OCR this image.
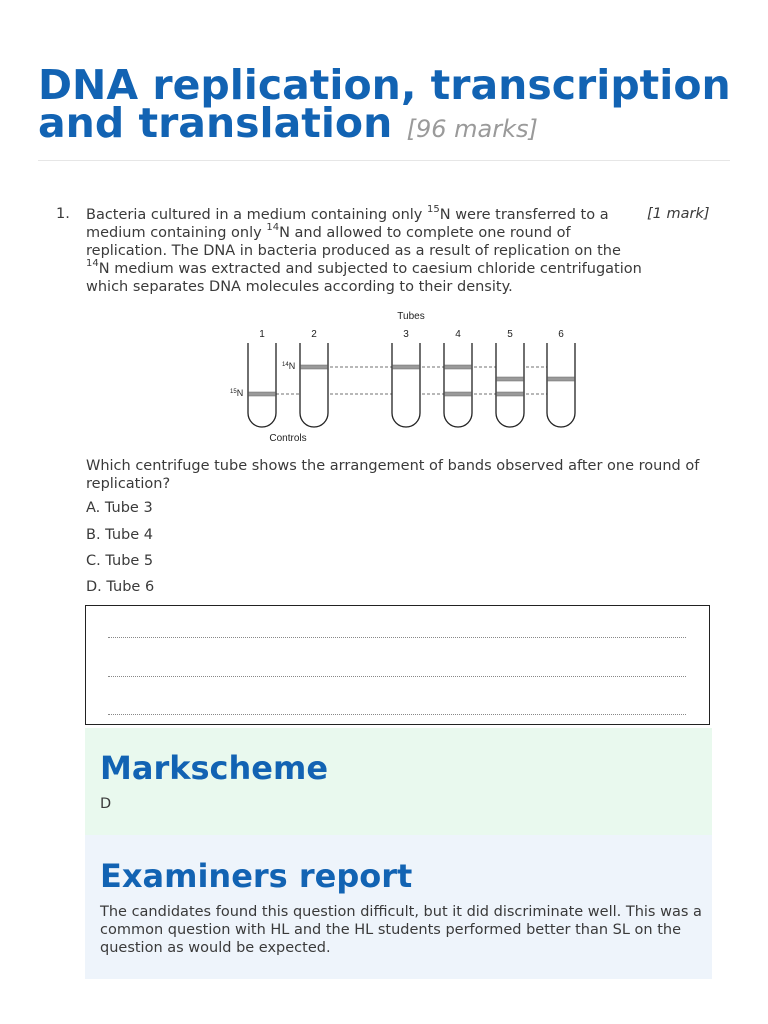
DNA replication, transcription and translation [96 marks]
1. Bacteria cultured in a medium containing only $^{15}$N were transferred to a medium containing only $^{14}$N and allowed to complete one round of replication. The DNA in bacteria produced as a result of replication on the $^{14}$N medium was extracted and subjected to caesium chloride centrifugation which separates DNA molecules according to their density.
[1 mark]
Tubes
1	2	3	4	5	6
$^{14}$N
$^{15}$N
Controls
Which centrifuge tube shows the arrangement of bands observed after one round of replication?
A. Tube 3
B. Tube 4
C. Tube 5
D. Tube 6
Markscheme
D
Examiners report
The candidates found this question difficult, but it did discriminate well. This was a common question with HL and the HL students performed better than SL on the question as would be expected.
